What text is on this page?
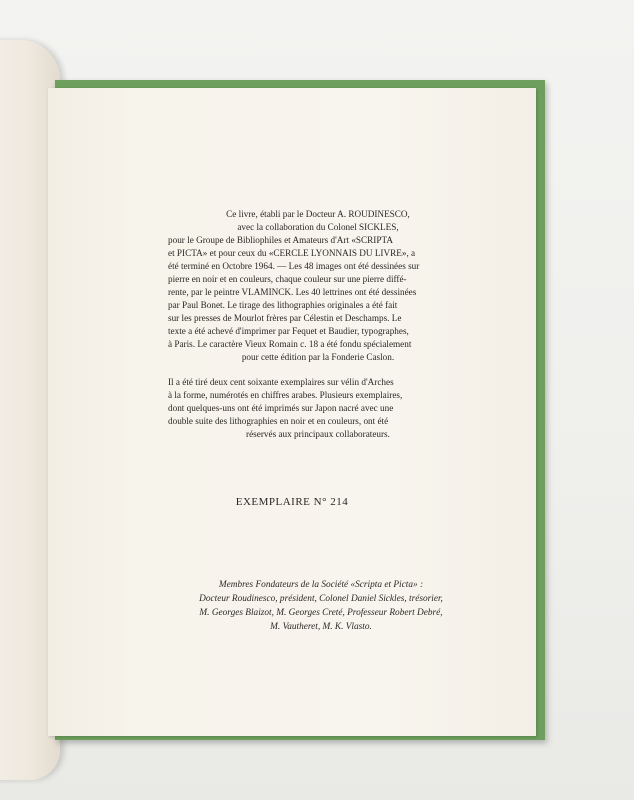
Ce livre, établi par le Docteur A. ROUDINESCO,
avec la collaboration du Colonel SICKLES,
pour le Groupe de Bibliophiles et Amateurs d'Art «SCRIPTA
et PICTA» et pour ceux du «CERCLE LYONNAIS DU LIVRE», a
été terminé en Octobre 1964. — Les 48 images ont été dessinées sur
pierre en noir et en couleurs, chaque couleur sur une pierre diffé-
rente, par le peintre VLAMINCK. Les 40 lettrines ont été dessinées
par Paul Bonet. Le tirage des lithographies originales a été fait
sur les presses de Mourlot frères par Célestin et Deschamps. Le
texte a été achevé d'imprimer par Fequet et Baudier, typographes,
à Paris. Le caractère Vieux Romain c. 18 a été fondu spécialement
pour cette édition par la Fonderie Caslon.
Il a été tiré deux cent soixante exemplaires sur vélin d'Arches
à la forme, numérotés en chiffres arabes. Plusieurs exemplaires,
dont quelques-uns ont été imprimés sur Japon nacré avec une
double suite des lithographies en noir et en couleurs, ont été
réservés aux principaux collaborateurs.
EXEMPLAIRE N° 214
Membres Fondateurs de la Société «Scripta et Picta» :
Docteur Roudinesco, président, Colonel Daniel Sickles, trésorier,
M. Georges Blaizot, M. Georges Creté, Professeur Robert Debré,
M. Vautheret, M. K. Vlasto.
